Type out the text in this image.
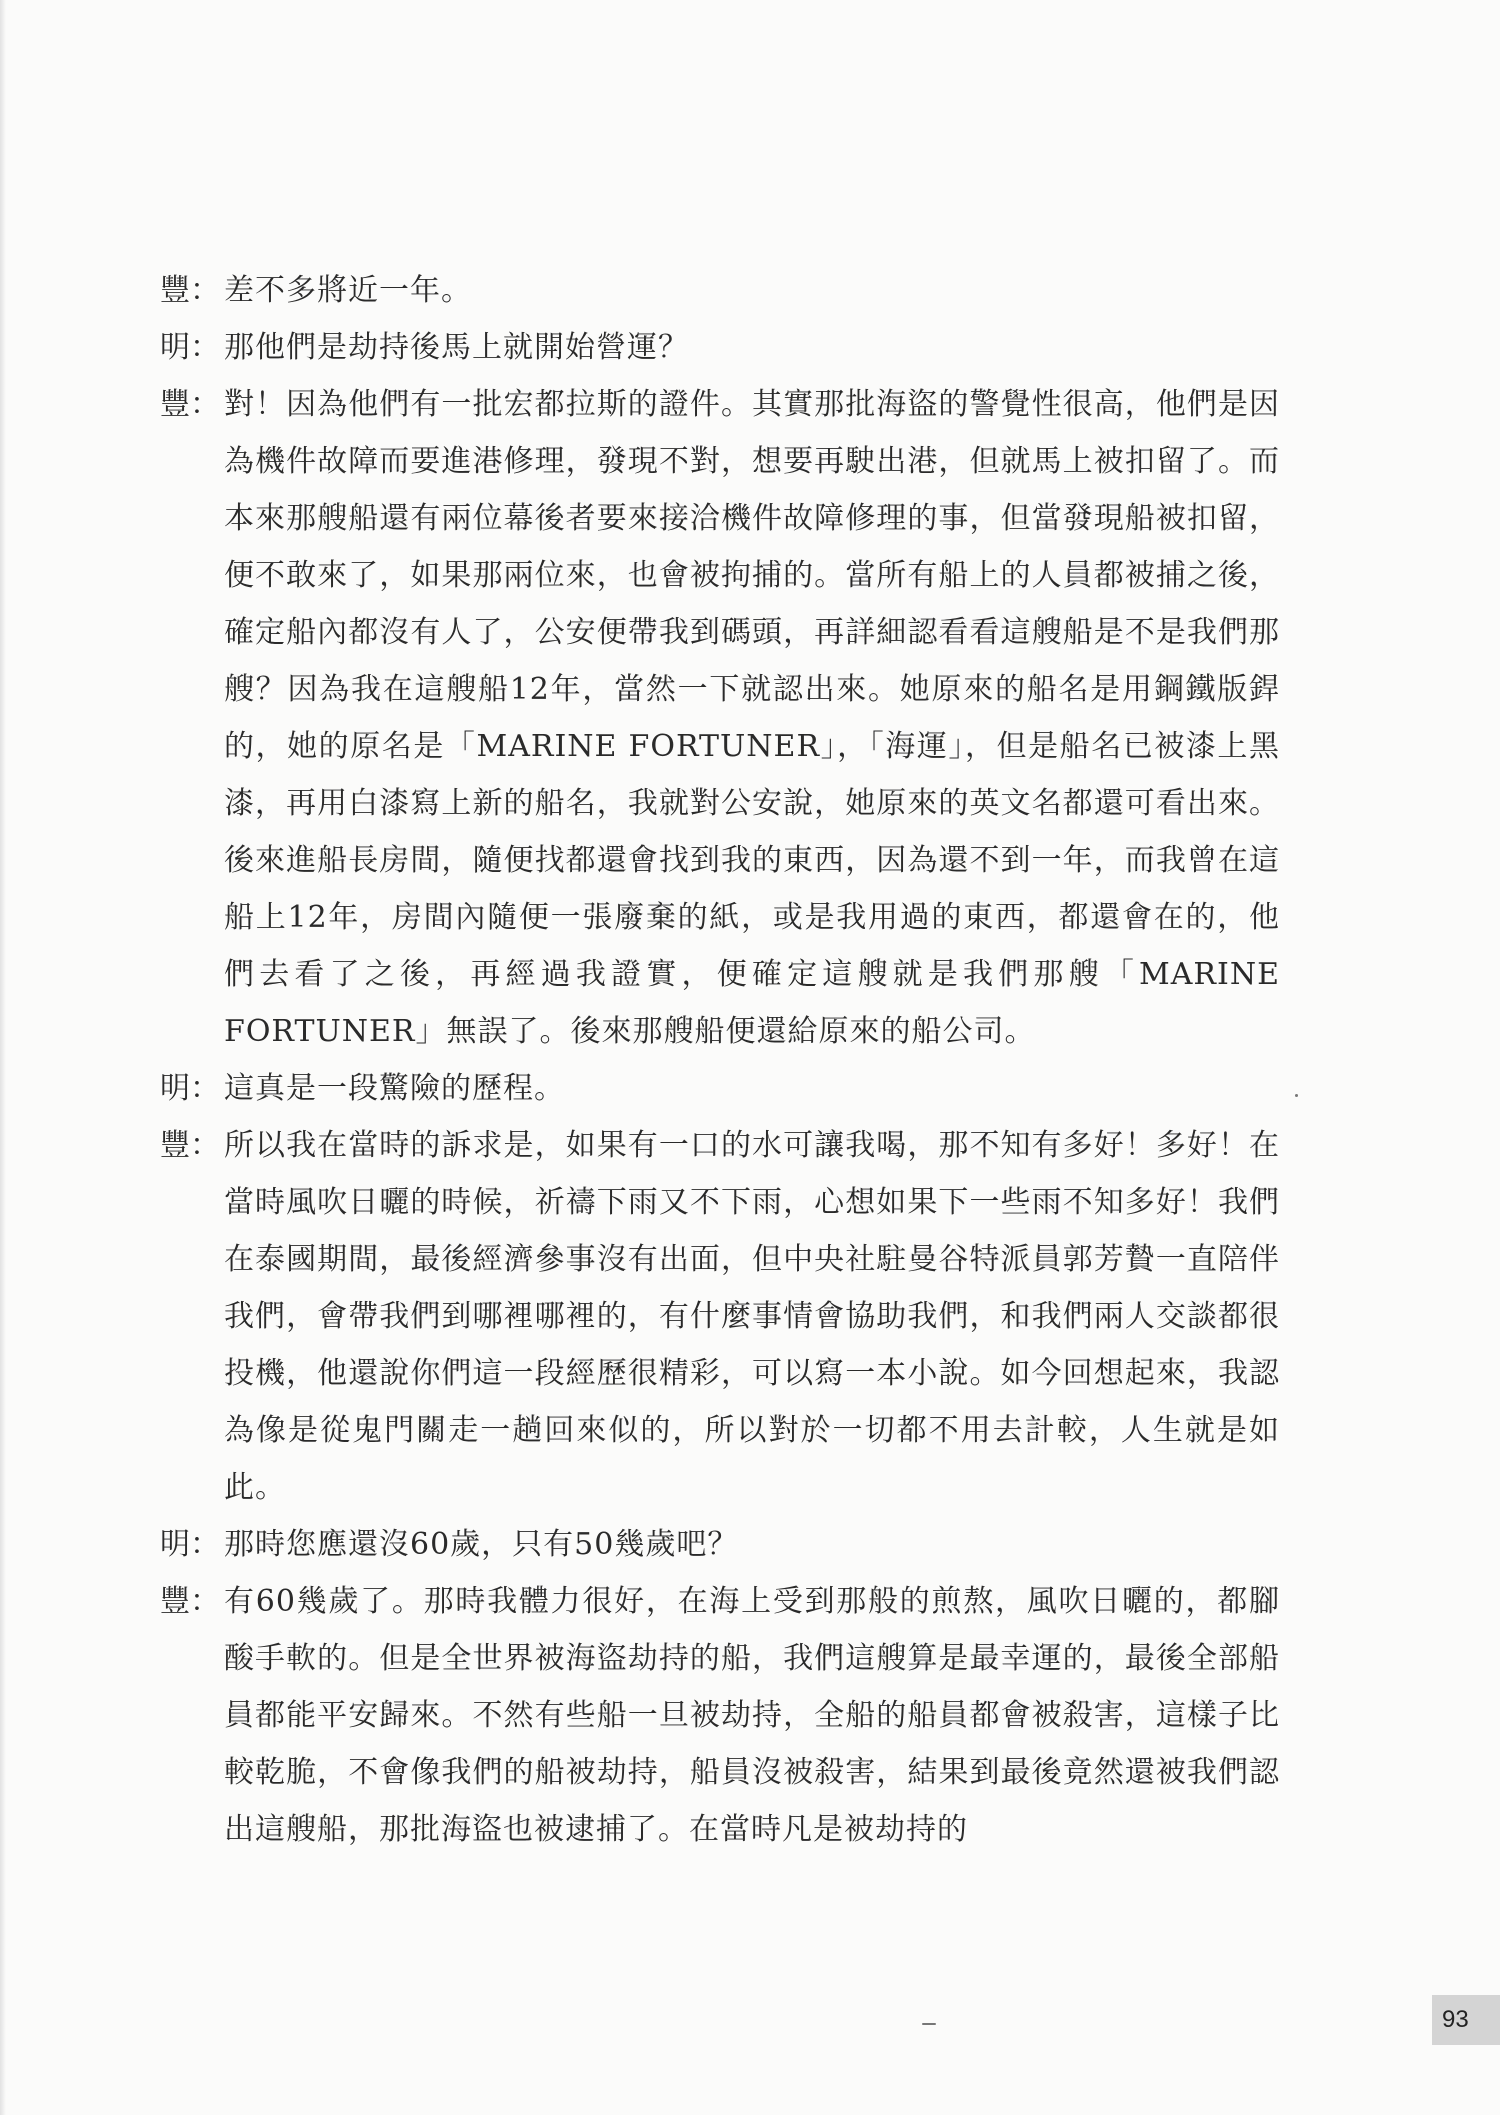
豐： 差不多將近一年。
明： 那他們是劫持後馬上就開始營運？
豐： 對！因為他們有一批宏都拉斯的證件。其實那批海盜的警覺性很高，他們是因為機件故障而要進港修理，發現不對，想要再駛出港，但就馬上被扣留了。而本來那艘船還有兩位幕後者要來接洽機件故障修理的事，但當發現船被扣留，便不敢來了，如果那兩位來，也會被拘捕的。當所有船上的人員都被捕之後，確定船內都沒有人了，公安便帶我到碼頭，再詳細認看看這艘船是不是我們那艘？因為我在這艘船12年，當然一下就認出來。她原來的船名是用鋼鐵版銲的，她的原名是「MARINE FORTUNER」，「海運」，但是船名已被漆上黑漆，再用白漆寫上新的船名，我就對公安說，她原來的英文名都還可看出來。後來進船長房間，隨便找都還會找到我的東西，因為還不到一年，而我曾在這船上12年，房間內隨便一張廢棄的紙，或是我用過的東西，都還會在的，他們去看了之後，再經過我證實，便確定這艘就是我們那艘「MARINE FORTUNER」無誤了。後來那艘船便還給原來的船公司。
明： 這真是一段驚險的歷程。
豐： 所以我在當時的訴求是，如果有一口的水可讓我喝，那不知有多好！多好！在當時風吹日曬的時候，祈禱下雨又不下雨，心想如果下一些雨不知多好！我們在泰國期間，最後經濟參事沒有出面，但中央社駐曼谷特派員郭芳贄一直陪伴我們，會帶我們到哪裡哪裡的，有什麼事情會協助我們，和我們兩人交談都很投機，他還說你們這一段經歷很精彩，可以寫一本小說。如今回想起來，我認為像是從鬼門關走一趟回來似的，所以對於一切都不用去計較，人生就是如此。
明： 那時您應還沒60歲，只有50幾歲吧？
豐： 有60幾歲了。那時我體力很好，在海上受到那般的煎熬，風吹日曬的，都腳酸手軟的。但是全世界被海盜劫持的船，我們這艘算是最幸運的，最後全部船員都能平安歸來。不然有些船一旦被劫持，全船的船員都會被殺害，這樣子比較乾脆，不會像我們的船被劫持，船員沒被殺害，結果到最後竟然還被我們認出這艘船，那批海盜也被逮捕了。在當時凡是被劫持的
93
